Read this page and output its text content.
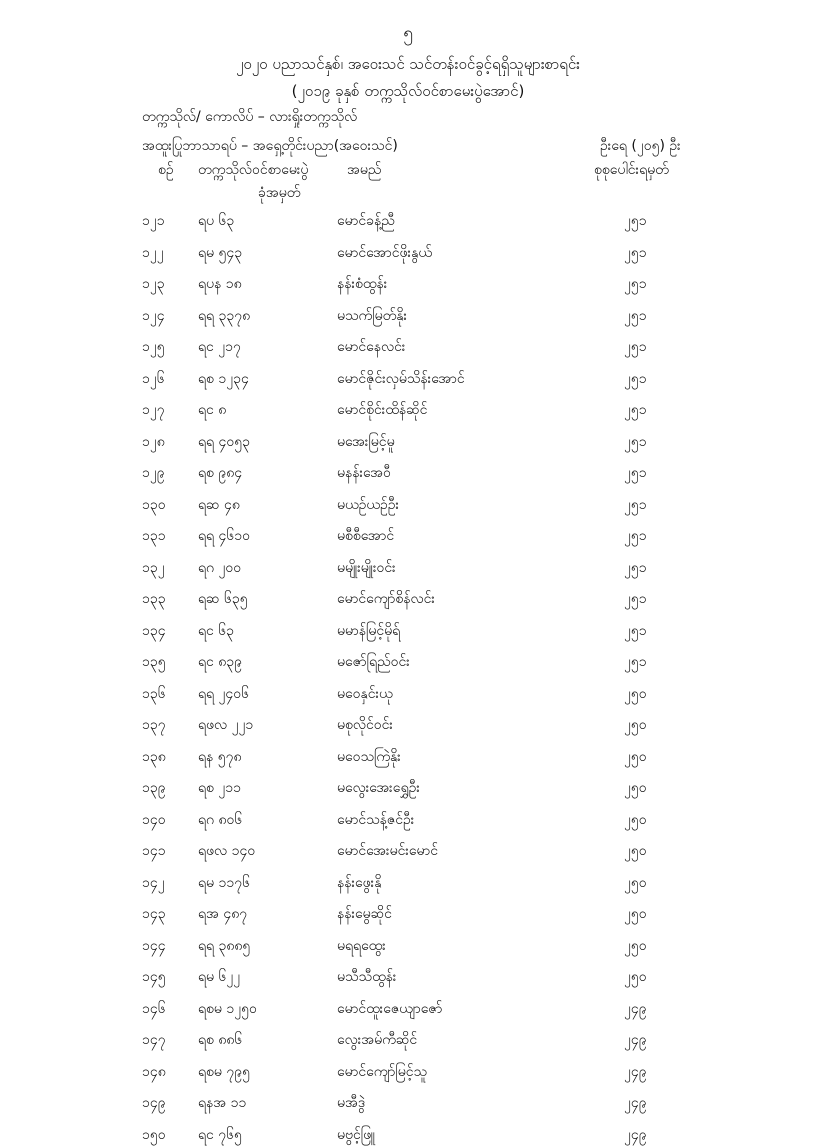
၅
၂၀၂၀ ပညာသင်နှစ်၊ အဝေးသင် သင်တန်းဝင်ခွင့်ရရှိသူများစာရင်း
(၂၀၁၉ ခုနှစ် တက္ကသိုလ်ဝင်စာမေးပွဲအောင်)
တက္ကသိုလ်/ ကောလိပ် – လားရှိုးတက္ကသိုလ်
အထူးပြုဘာသာရပ် – အရှေ့တိုင်းပညာ(အဝေးသင်)	ဦးရေ (၂၀၅) ဦး
စဉ် တက္ကသိုလ်ဝင်စာမေးပွဲ
ခုံအမှတ်
အမည်	စုစုပေါင်းရမှတ်
၁၂၁ ရပ ၆၃	မောင်ခန့်ညီ	၂၅၁
၁၂၂ ရမ ၅၄၃	မောင်အောင်ဖိုးနွယ်	၂၅၁
၁၂၃ ရပန ၁၈	နန်းစံထွန်း	၂၅၁
၁၂၄ ရရ ၃၃၇၈	မသက်မြတ်နိုး	၂၅၁
၁၂၅ ရင ၂၁၇	မောင်နေလင်း	၂၅၁
၁၂၆ ရစ ၁၂၃၄	မောင်ဇိုင်းလှမ်သိန်းအောင်	၂၅၁
၁၂၇ ရင ၈	မောင်စိုင်းထိန်ဆိုင်	၂၅၁
၁၂၈ ရရ ၄၀၅၃	မအေးမြင့်မူ	၂၅၁
၁၂၉ ရစ ၉၈၄	မနန်းအေဝီ	၂၅၁
၁၃၀ ရဆ ၄၈	မယဉ်ယဉ်ဦး	၂၅၁
၁၃၁ ရရ ၄၆၁၀	မစီစီအောင်	၂၅၁
၁၃၂ ရဂ ၂၀၀	မမျိုးမျိုးဝင်း	၂၅၁
၁၃၃ ရဆ ၆၃၅	မောင်ကျော်စိန်လင်း	၂၅၁
၁၃၄ ရင ၆၃	မမာန်မြင့်မိုရ်	၂၅၁
၁၃၅ ရင ၈၃၉	မဇော်ရြည်ဝင်း	၂၅၁
၁၃၆ ရရ ၂၄၀၆	မဝေနှင်းယု	၂၅၀
၁၃၇ ရဖလ ၂၂၁	မစုလိုင်ဝင်း	၂၅၀
၁၃၈ ရန ၅၇၈	မဝေသကြဲနိုး	၂၅၀
၁၃၉ ရစ ၂၁၁	မလွေးအေးရွှေဦး	၂၅၀
၁၄၀ ရဂ ၈၀၆	မောင်သန့်ဇင်ဦး	၂၅၀
၁၄၁ ရဖလ ၁၄၀	မောင်အေးမင်းမောင်	၂၅၀
၁၄၂ ရမ ၁၁၇၆	နန်းဖွေးနို	၂၅၀
၁၄၃ ရအ ၄၈၇	နန်းမွေဆိုင်	၂၅၀
၁၄၄ ရရ ၃၈၈၅	မရရထွေး	၂၅၀
၁၄၅ ရမ ၆၂၂	မသီသီထွန်း	၂၅၀
၁၄၆ ရစမ ၁၂၅၀	မောင်ထူးဇေယျာဇော်	၂၄၉
၁၄၇ ရစ ၈၈၆	လွေးအမ်ကီဆိုင်	၂၄၉
၁၄၈ ရစမ ၇၉၅	မောင်ကျော်မြင့်သူ	၂၄၉
၁၄၉ ရနအ ၁၁	မအီဒွဲ	၂၄၉
၁၅၀ ရင ၇၆၅	မဗွင့်ဖြူ	၂၄၉
